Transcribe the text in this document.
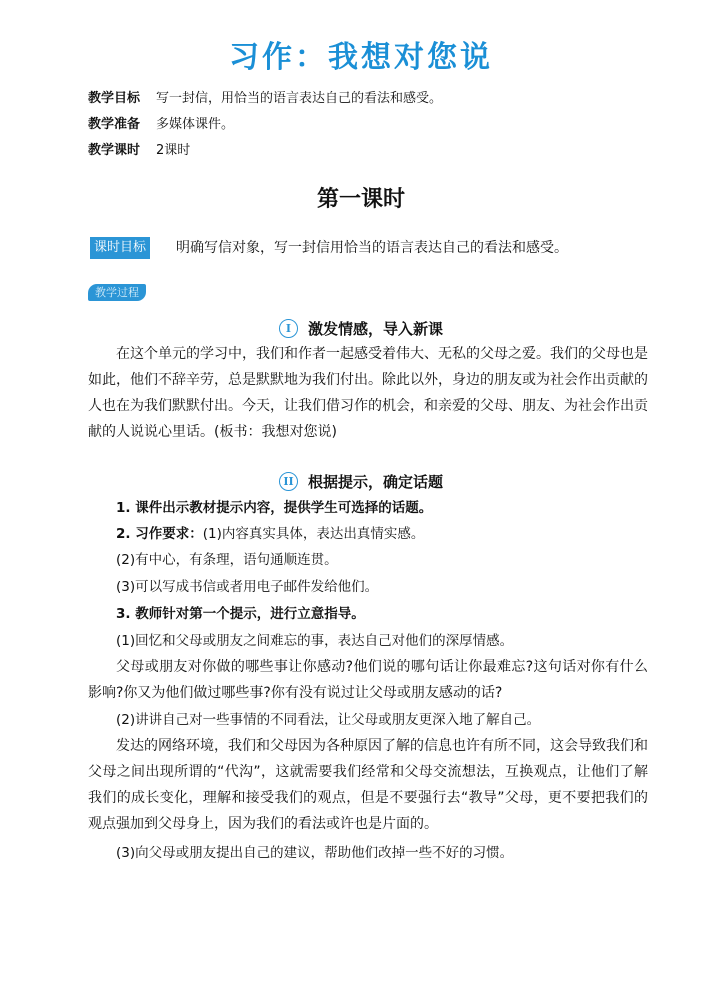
习作：我想对您说
教学目标 写一封信，用恰当的语言表达自己的看法和感受。
教学准备 多媒体课件。
教学课时 2课时
第一课时
课时目标 明确写信对象，写一封信用恰当的语言表达自己的看法和感受。
教学过程
I 激发情感，导入新课

在这个单元的学习中，我们和作者一起感受着伟大、无私的父母之爱。我们的父母也是如此，他们不辞辛劳，总是默默地为我们付出。除此以外，身边的朋友或为社会作出贡献的人也在为我们默默付出。今天，让我们借习作的机会，和亲爱的父母、朋友、为社会作出贡献的人说说心里话。(板书：我想对您说)

II 根据提示，确定话题
1. 课件出示教材提示内容，提供学生可选择的话题。
2. 习作要求：(1)内容真实具体，表达出真情实感。
(2)有中心，有条理，语句通顺连贯。
(3)可以写成书信或者用电子邮件发给他们。
3. 教师针对第一个提示，进行立意指导。
(1)回忆和父母或朋友之间难忘的事，表达自己对他们的深厚情感。

父母或朋友对你做的哪些事让你感动?他们说的哪句话让你最难忘?这句话对你有什么影响?你又为他们做过哪些事?你有没有说过让父母或朋友感动的话?

(2)讲讲自己对一些事情的不同看法，让父母或朋友更深入地了解自己。

发达的网络环境，我们和父母因为各种原因了解的信息也许有所不同，这会导致我们和父母之间出现所谓的“代沟”，这就需要我们经常和父母交流想法，互换观点，让他们了解我们的成长变化，理解和接受我们的观点，但是不要强行去“教导”父母，更不要把我们的观点强加到父母身上，因为我们的看法或许也是片面的。

(3)向父母或朋友提出自己的建议，帮助他们改掉一些不好的习惯。
